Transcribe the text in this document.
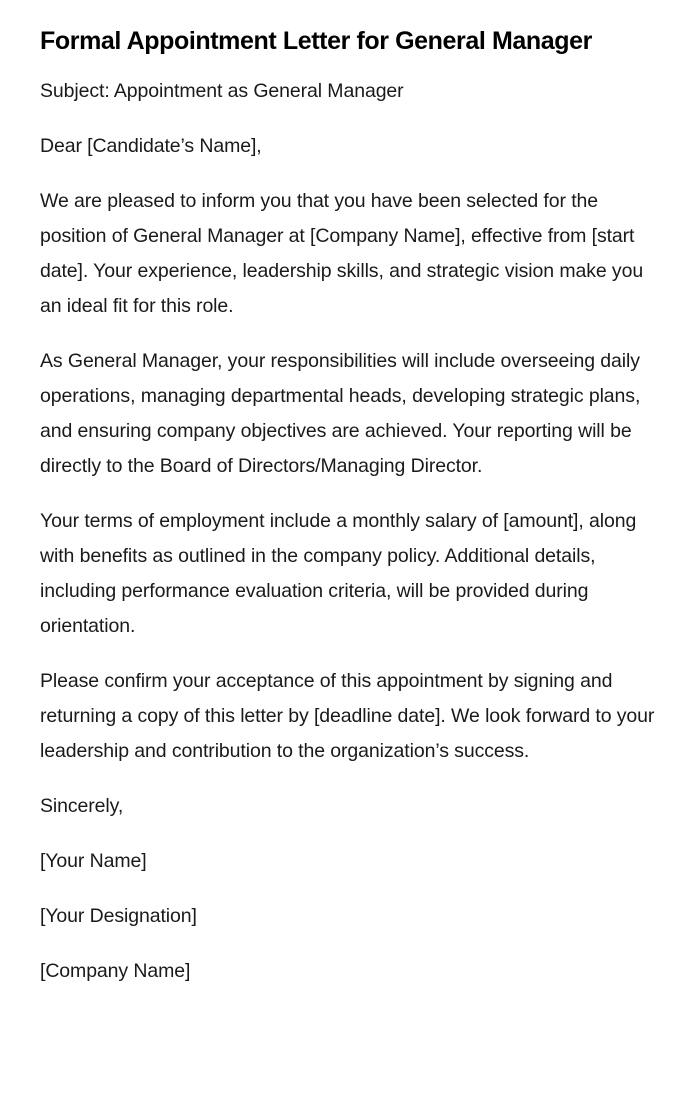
Formal Appointment Letter for General Manager

Subject: Appointment as General Manager

Dear [Candidate’s Name],

We are pleased to inform you that you have been selected for the position of General Manager at [Company Name], effective from [start date]. Your experience, leadership skills, and strategic vision make you an ideal fit for this role.

As General Manager, your responsibilities will include overseeing daily operations, managing departmental heads, developing strategic plans, and ensuring company objectives are achieved. Your reporting will be directly to the Board of Directors/Managing Director.

Your terms of employment include a monthly salary of [amount], along with benefits as outlined in the company policy. Additional details, including performance evaluation criteria, will be provided during orientation.

Please confirm your acceptance of this appointment by signing and returning a copy of this letter by [deadline date]. We look forward to your leadership and contribution to the organization’s success.

Sincerely,

[Your Name]

[Your Designation]

[Company Name]
